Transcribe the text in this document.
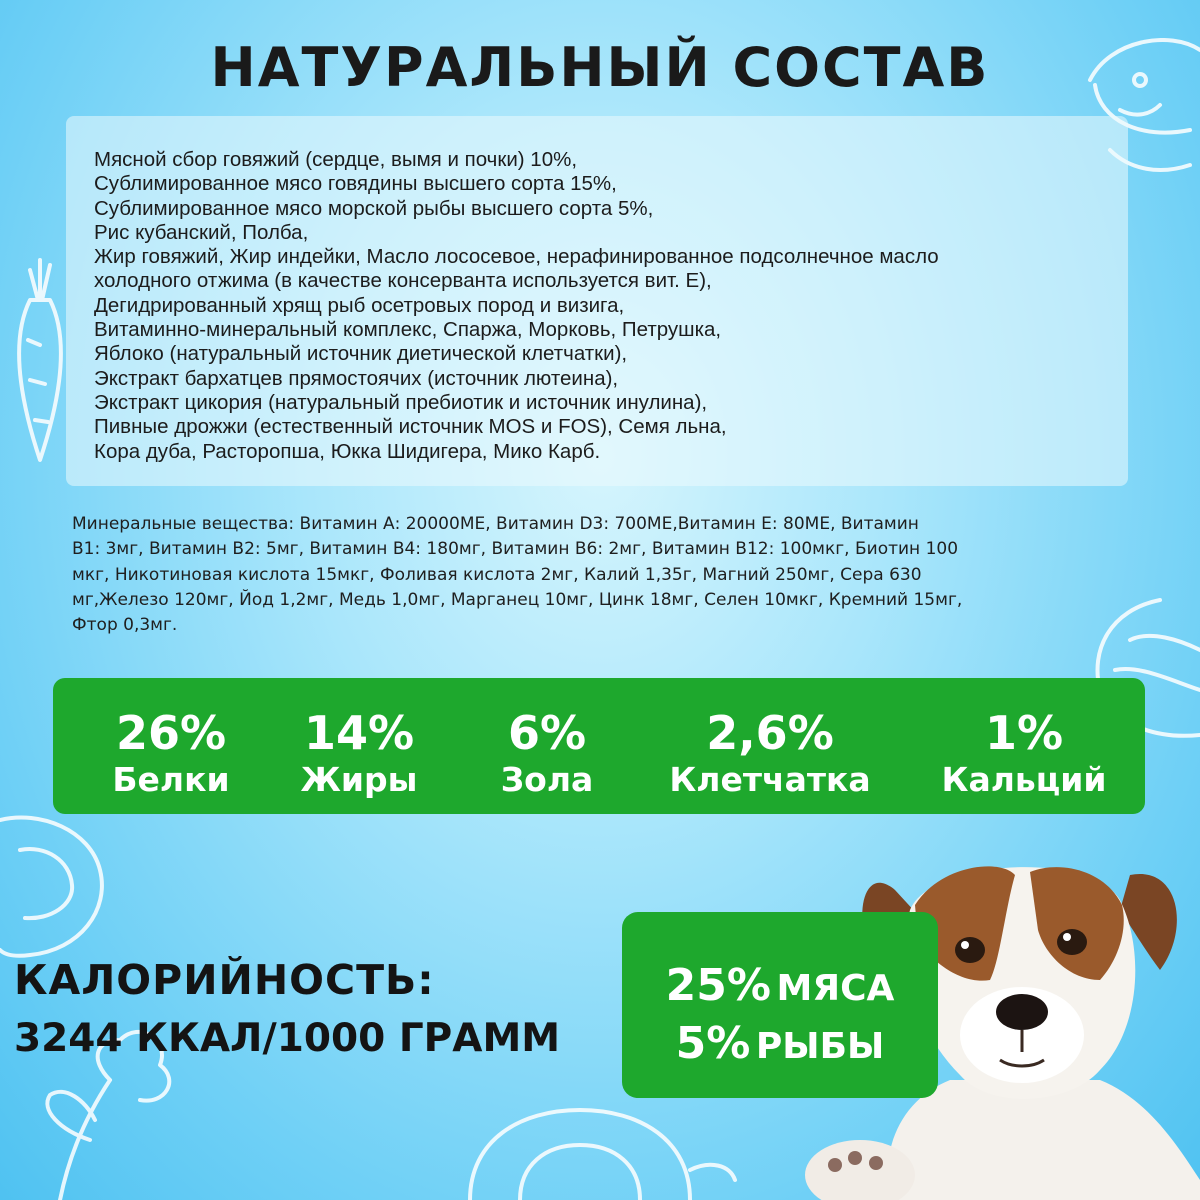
НАТУРАЛЬНЫЙ СОСТАВ
Мясной сбор говяжий (сердце, вымя и почки) 10%,
Сублимированное мясо говядины высшего сорта 15%,
Сублимированное мясо морской рыбы высшего сорта 5%,
Рис кубанский, Полба,
Жир говяжий, Жир индейки, Масло лососевое, нерафинированное подсолнечное масло
холодного отжима (в качестве консерванта используется вит. Е),
Дегидрированный хрящ рыб осетровых пород и визига,
Витаминно-минеральный комплекс, Спаржа, Морковь, Петрушка,
Яблоко (натуральный источник диетической клетчатки),
Экстракт бархатцев прямостоячих (источник лютеина),
Экстракт цикория (натуральный пребиотик и источник инулина),
Пивные дрожжи (естественный источник MOS и FOS), Семя льна,
Кора дуба, Расторопша, Юкка Шидигера, Мико Карб.
Минеральные вещества: Витамин А: 20000МЕ, Витамин D3: 700МЕ,Витамин Е: 80МЕ, Витамин
В1: 3мг, Витамин В2: 5мг, Витамин В4: 180мг, Витамин В6: 2мг, Витамин В12: 100мкг, Биотин 100
мкг, Никотиновая кислота 15мкг, Фоливая кислота 2мг, Калий 1,35г, Магний 250мг, Сера 630
мг,Железо 120мг, Йод 1,2мг, Медь 1,0мг, Марганец 10мг, Цинк 18мг, Селен 10мкг, Кремний 15мг,
Фтор 0,3мг.
26%
Белки
14%
Жиры
6%
Зола
2,6%
Клетчатка
1%
Кальций
КАЛОРИЙНОСТЬ:
3244 ККАЛ/1000 ГРАММ
25% МЯСА
5% РЫБЫ
